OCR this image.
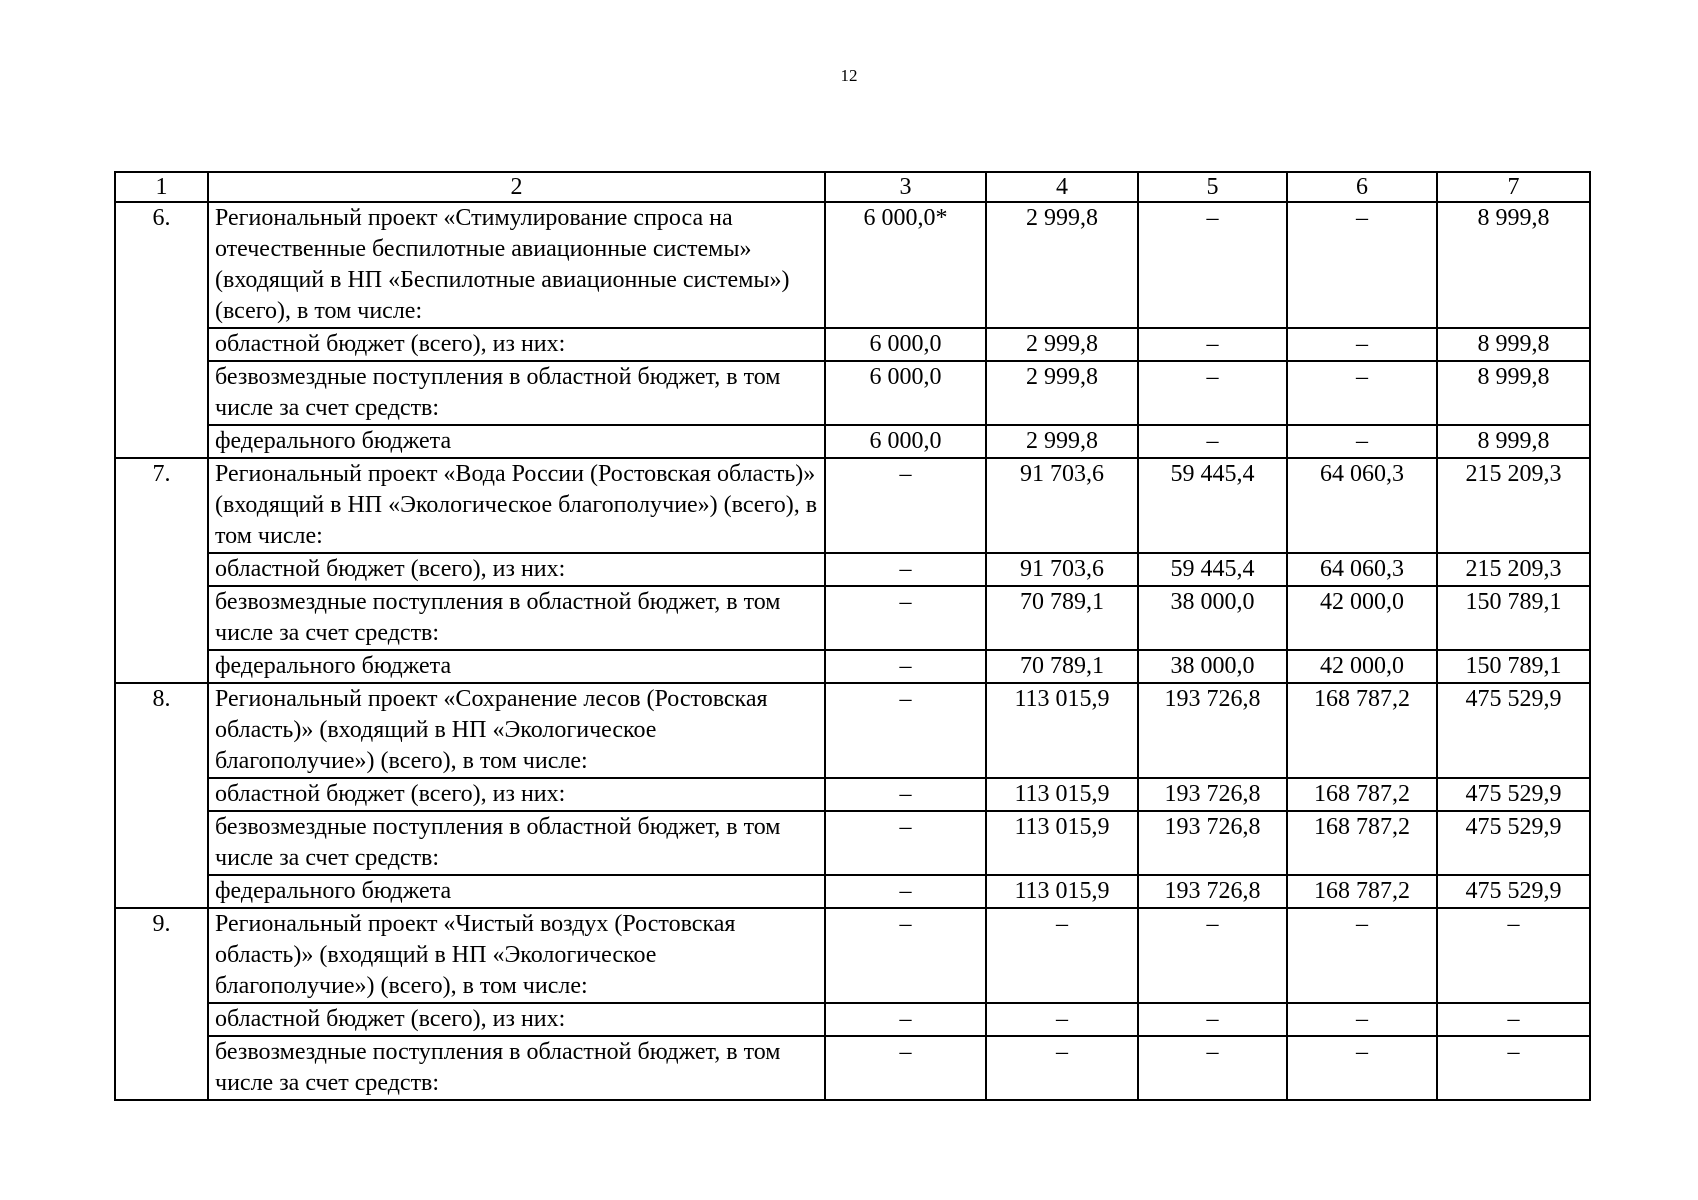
12
1	2	3	4	5	6	7
6.	Региональный проект «Стимулирование спроса на отечественные беспилотные авиационные системы» (входящий в НП «Беспилотные авиационные системы») (всего), в том числе:	6 000,0*	2 999,8	–	–	8 999,8
	областной бюджет (всего), из них:	6 000,0	2 999,8	–	–	8 999,8
	безвозмездные поступления в областной бюджет, в том числе за счет средств:	6 000,0	2 999,8	–	–	8 999,8
	федерального бюджета	6 000,0	2 999,8	–	–	8 999,8
7.	Региональный проект «Вода России (Ростовская область)» (входящий в НП «Экологическое благополучие») (всего), в том числе:	–	91 703,6	59 445,4	64 060,3	215 209,3
	областной бюджет (всего), из них:	–	91 703,6	59 445,4	64 060,3	215 209,3
	безвозмездные поступления в областной бюджет, в том числе за счет средств:	–	70 789,1	38 000,0	42 000,0	150 789,1
	федерального бюджета	–	70 789,1	38 000,0	42 000,0	150 789,1
8.	Региональный проект «Сохранение лесов (Ростовская область)» (входящий в НП «Экологическое благополучие») (всего), в том числе:	–	113 015,9	193 726,8	168 787,2	475 529,9
	областной бюджет (всего), из них:	–	113 015,9	193 726,8	168 787,2	475 529,9
	безвозмездные поступления в областной бюджет, в том числе за счет средств:	–	113 015,9	193 726,8	168 787,2	475 529,9
	федерального бюджета	–	113 015,9	193 726,8	168 787,2	475 529,9
9.	Региональный проект «Чистый воздух (Ростовская область)» (входящий в НП «Экологическое благополучие») (всего), в том числе:	–	–	–	–	–
	областной бюджет (всего), из них:	–	–	–	–	–
	безвозмездные поступления в областной бюджет, в том числе за счет средств:	–	–	–	–	–
